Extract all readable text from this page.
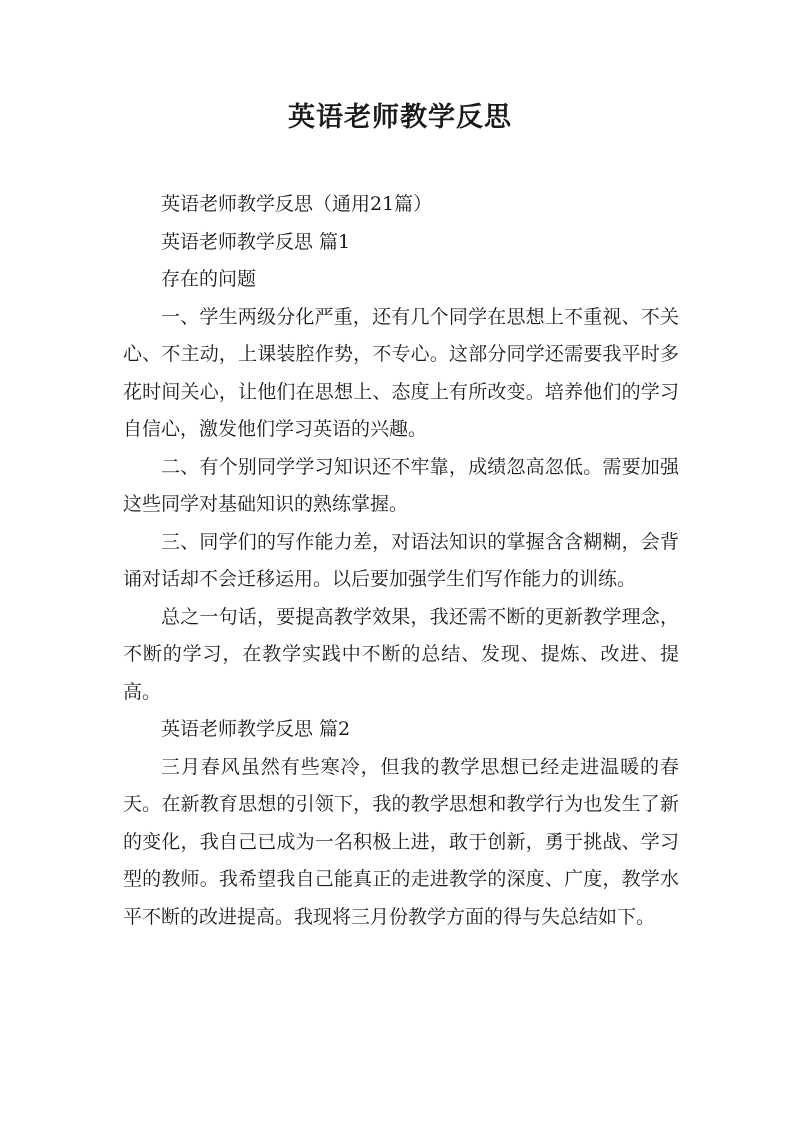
英语老师教学反思

英语老师教学反思（通用21篇）

英语老师教学反思 篇1

存在的问题

一、学生两级分化严重，还有几个同学在思想上不重视、不关心、不主动，上课装腔作势，不专心。这部分同学还需要我平时多花时间关心，让他们在思想上、态度上有所改变。培养他们的学习自信心，激发他们学习英语的兴趣。

二、有个别同学学习知识还不牢靠，成绩忽高忽低。需要加强这些同学对基础知识的熟练掌握。

三、同学们的写作能力差，对语法知识的掌握含含糊糊，会背诵对话却不会迁移运用。以后要加强学生们写作能力的训练。

总之一句话，要提高教学效果，我还需不断的更新教学理念，不断的学习，在教学实践中不断的总结、发现、提炼、改进、提高。

英语老师教学反思 篇2

三月春风虽然有些寒冷，但我的教学思想已经走进温暖的春天。在新教育思想的引领下，我的教学思想和教学行为也发生了新的变化，我自己已成为一名积极上进，敢于创新，勇于挑战、学习型的教师。我希望我自己能真正的走进教学的深度、广度，教学水平不断的改进提高。我现将三月份教学方面的得与失总结如下。
